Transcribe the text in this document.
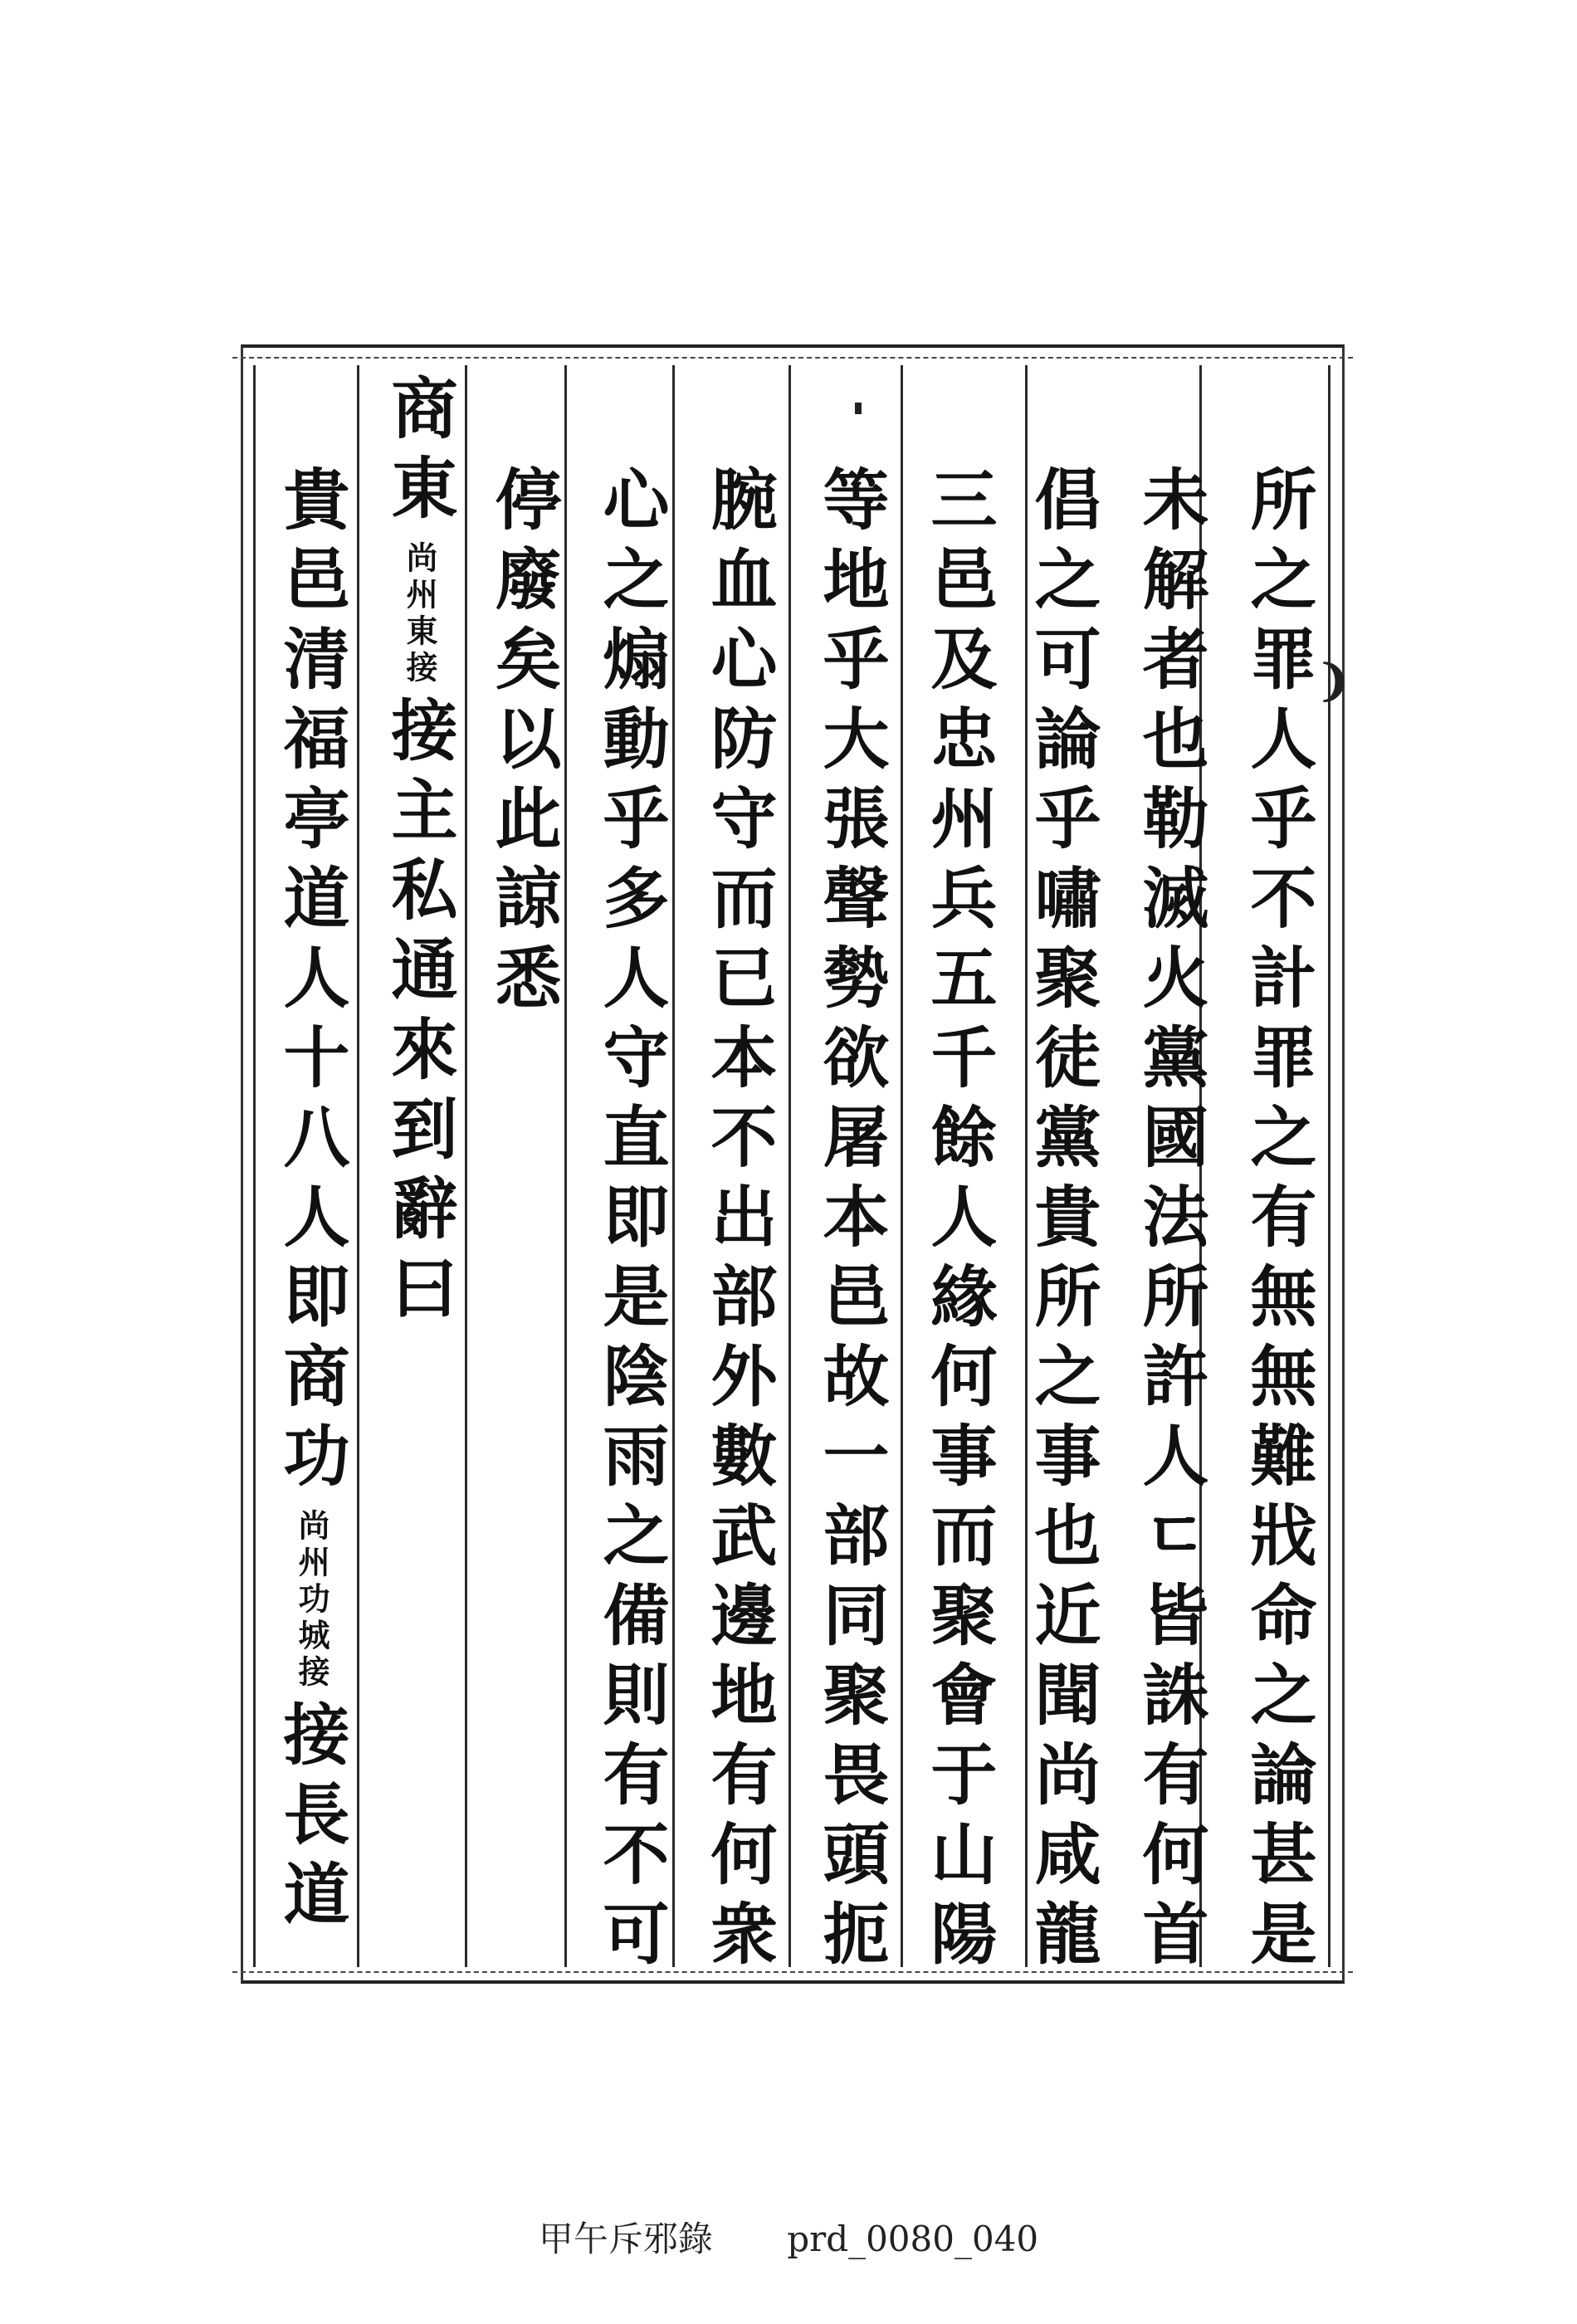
所之罪人乎不計罪之有無無難戕命之論甚是
未解者也勒滅火黨國法所許人ㄷ皆誅有何首
倡之可論乎嘯聚徒黨貴所之事也近聞尚咸龍
三邑及忠州兵五千餘人緣何事而聚會于山陽
等地乎大張聲勢欲屠本邑故一部同聚畏頭扼
腕血心防守而已本不出部外數武邊地有何衆
心之煽動乎多人守直即是陰雨之備則有不可
停廢矣以此諒悉
商東尚州東接接主私通來到辭曰
貴邑清福亭道人十八人即商功尚州功城接接長道
❩
甲午斥邪錄 prd_0080_040
